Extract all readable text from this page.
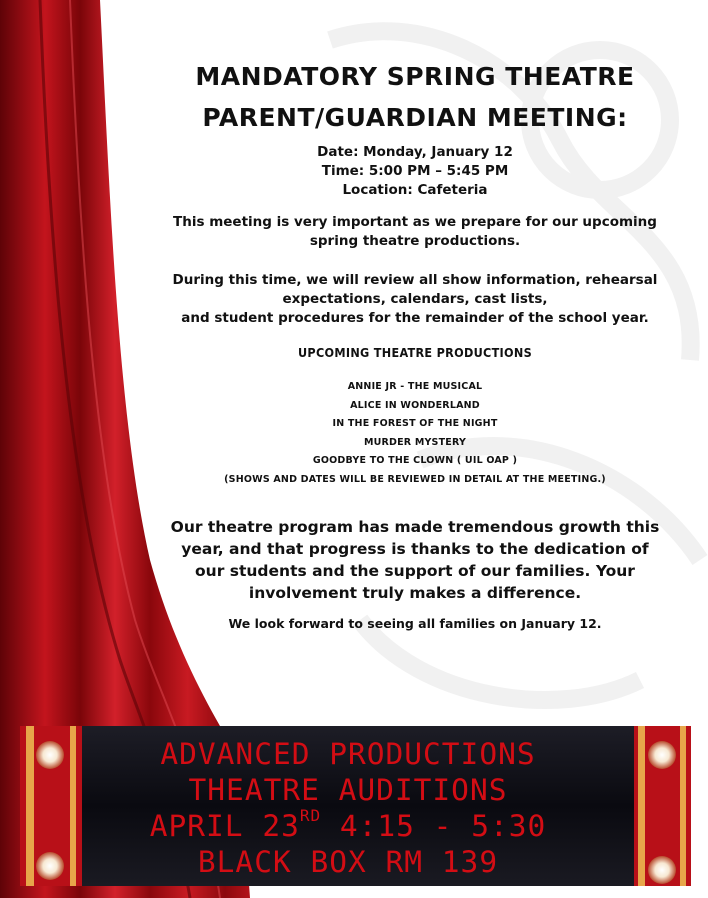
MANDATORY SPRING THEATRE
PARENT/GUARDIAN MEETING:
Date: Monday, January 12
Time: 5:00 PM – 5:45 PM
Location: Cafeteria
This meeting is very important as we prepare for our upcoming spring theatre productions.
During this time, we will review all show information, rehearsal
expectations, calendars, cast lists,
and student procedures for the remainder of the school year.
UPCOMING THEATRE PRODUCTIONS
ANNIE JR - THE MUSICAL
ALICE IN WONDERLAND
IN THE FOREST OF THE NIGHT
MURDER MYSTERY
GOODBYE TO THE CLOWN ( UIL OAP )
(SHOWS AND DATES WILL BE REVIEWED IN DETAIL AT THE MEETING.)
Our theatre program has made tremendous growth this year, and that progress is thanks to the dedication of our students and the support of our families. Your involvement truly makes a difference.
We look forward to seeing all families on January 12.
ADVANCED PRODUCTIONS
THEATRE AUDITIONS
APRIL 23RD 4:15 - 5:30
BLACK BOX RM 139
